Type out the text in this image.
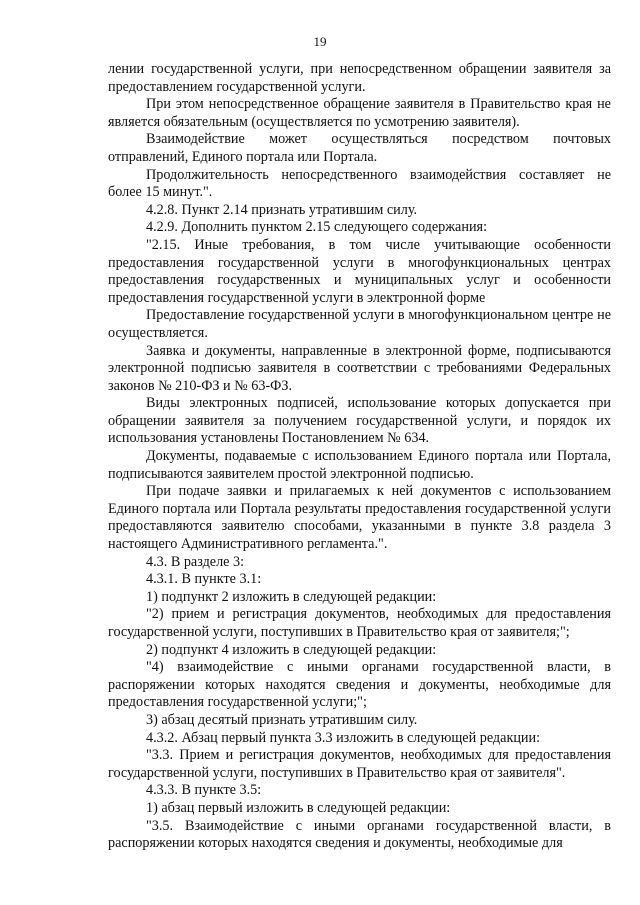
19

лении государственной услуги, при непосредственном обращении заявителя за предоставлением государственной услуги.

При этом непосредственное обращение заявителя в Правительство края не является обязательным (осуществляется по усмотрению заявителя).

Взаимодействие может осуществляться посредством почтовых отправлений, Единого портала или Портала.

Продолжительность непосредственного взаимодействия составляет не более 15 минут.".

4.2.8. Пункт 2.14 признать утратившим силу.

4.2.9. Дополнить пунктом 2.15 следующего содержания:

"2.15. Иные требования, в том числе учитывающие особенности предоставления государственной услуги в многофункциональных центрах предоставления государственных и муниципальных услуг и особенности предоставления государственной услуги в электронной форме

Предоставление государственной услуги в многофункциональном центре не осуществляется.

Заявка и документы, направленные в электронной форме, подписываются электронной подписью заявителя в соответствии с требованиями Федеральных законов № 210-ФЗ и № 63-ФЗ.

Виды электронных подписей, использование которых допускается при обращении заявителя за получением государственной услуги, и порядок их использования установлены Постановлением № 634.

Документы, подаваемые с использованием Единого портала или Портала, подписываются заявителем простой электронной подписью.

При подаче заявки и прилагаемых к ней документов с использованием Единого портала или Портала результаты предоставления государственной услуги предоставляются заявителю способами, указанными в пункте 3.8 раздела 3 настоящего Административного регламента.".

4.3. В разделе 3:

4.3.1. В пункте 3.1:

1) подпункт 2 изложить в следующей редакции:

"2) прием и регистрация документов, необходимых для предоставления государственной услуги, поступивших в Правительство края от заявителя;";

2) подпункт 4 изложить в следующей редакции:

"4) взаимодействие с иными органами государственной власти, в распоряжении которых находятся сведения и документы, необходимые для предоставления государственной услуги;";

3) абзац десятый признать утратившим силу.

4.3.2. Абзац первый пункта 3.3 изложить в следующей редакции:

"3.3. Прием и регистрация документов, необходимых для предоставления государственной услуги, поступивших в Правительство края от заявителя".

4.3.3. В пункте 3.5:

1) абзац первый изложить в следующей редакции:

"3.5. Взаимодействие с иными органами государственной власти, в распоряжении которых находятся сведения и документы, необходимые для
